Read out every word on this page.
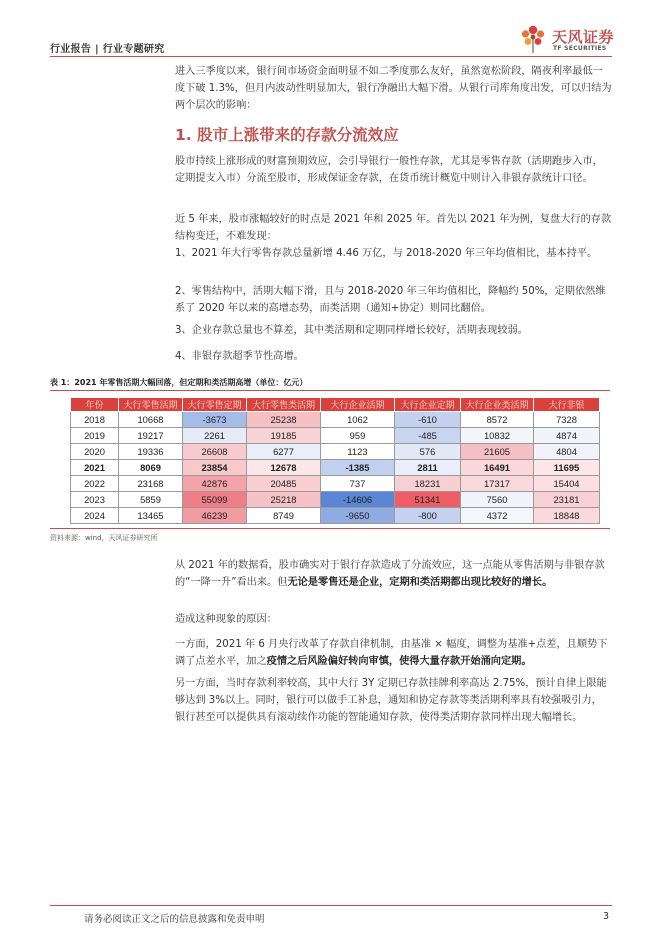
行业报告 | 行业专题研究
天风证券
TF SECURITIES

进入三季度以来，银行间市场资金面明显不如二季度那么友好，虽然宽松阶段，隔夜利率最低一度下破 1.3%，但月内波动性明显加大，银行净融出大幅下滑。从银行司库角度出发，可以归结为两个层次的影响：

1. 股市上涨带来的存款分流效应

股市持续上涨形成的财富预期效应，会引导银行一般性存款，尤其是零售存款（活期跑步入市，定期提支入市）分流至股市，形成保证金存款，在货币统计概览中则计入非银存款统计口径。

近 5 年来，股市涨幅较好的时点是 2021 年和 2025 年。首先以 2021 年为例，复盘大行的存款结构变迁，不难发现：

1、2021 年大行零售存款总量新增 4.46 万亿，与 2018-2020 年三年均值相比，基本持平。

2、零售结构中，活期大幅下滑，且与 2018-2020 年三年均值相比，降幅约 50%，定期依然维系了 2020 年以来的高增态势，而类活期（通知+协定）则同比翻倍。

3、企业存款总量也不算差，其中类活期和定期同样增长较好，活期表现较弱。

4、非银存款超季节性高增。

表 1：2021 年零售活期大幅回落，但定期和类活期高增（单位：亿元）
年份	大行零售活期	大行零售定期	大行零售类活期	大行企业活期	大行企业定期	大行企业类活期	大行非银
2018	10668	-3673	25238	1062	-610	8572	7328
2019	19217	2261	19185	959	-485	10832	4874
2020	19336	26608	6277	1123	576	21605	4804
2021	8069	23854	12678	-1385	2811	16491	11695
2022	23168	42876	20485	737	18231	17317	15404
2023	5859	55099	25218	-14606	51341	7560	23181
2024	13465	46239	8749	-9650	-800	4372	18848
资料来源：wind，天风证券研究所

从 2021 年的数据看，股市确实对于银行存款造成了分流效应，这一点能从零售活期与非银存款的“一降一升”看出来。但无论是零售还是企业，定期和类活期都出现比较好的增长。

造成这种现象的原因：

一方面，2021 年 6 月央行改革了存款自律机制，由基准 × 幅度，调整为基准+点差，且顺势下调了点差水平，加之疫情之后风险偏好转向审慎，使得大量存款开始涌向定期。

另一方面，当时存款利率较高，其中大行 3Y 定期已存款挂牌利率高达 2.75%，预计自律上限能够达到 3%以上。同时，银行可以做手工补息，通知和协定存款等类活期利率具有较强吸引力，银行甚至可以提供具有滚动续作功能的智能通知存款，使得类活期存款同样出现大幅增长。

请务必阅读正文之后的信息披露和免责申明	3
